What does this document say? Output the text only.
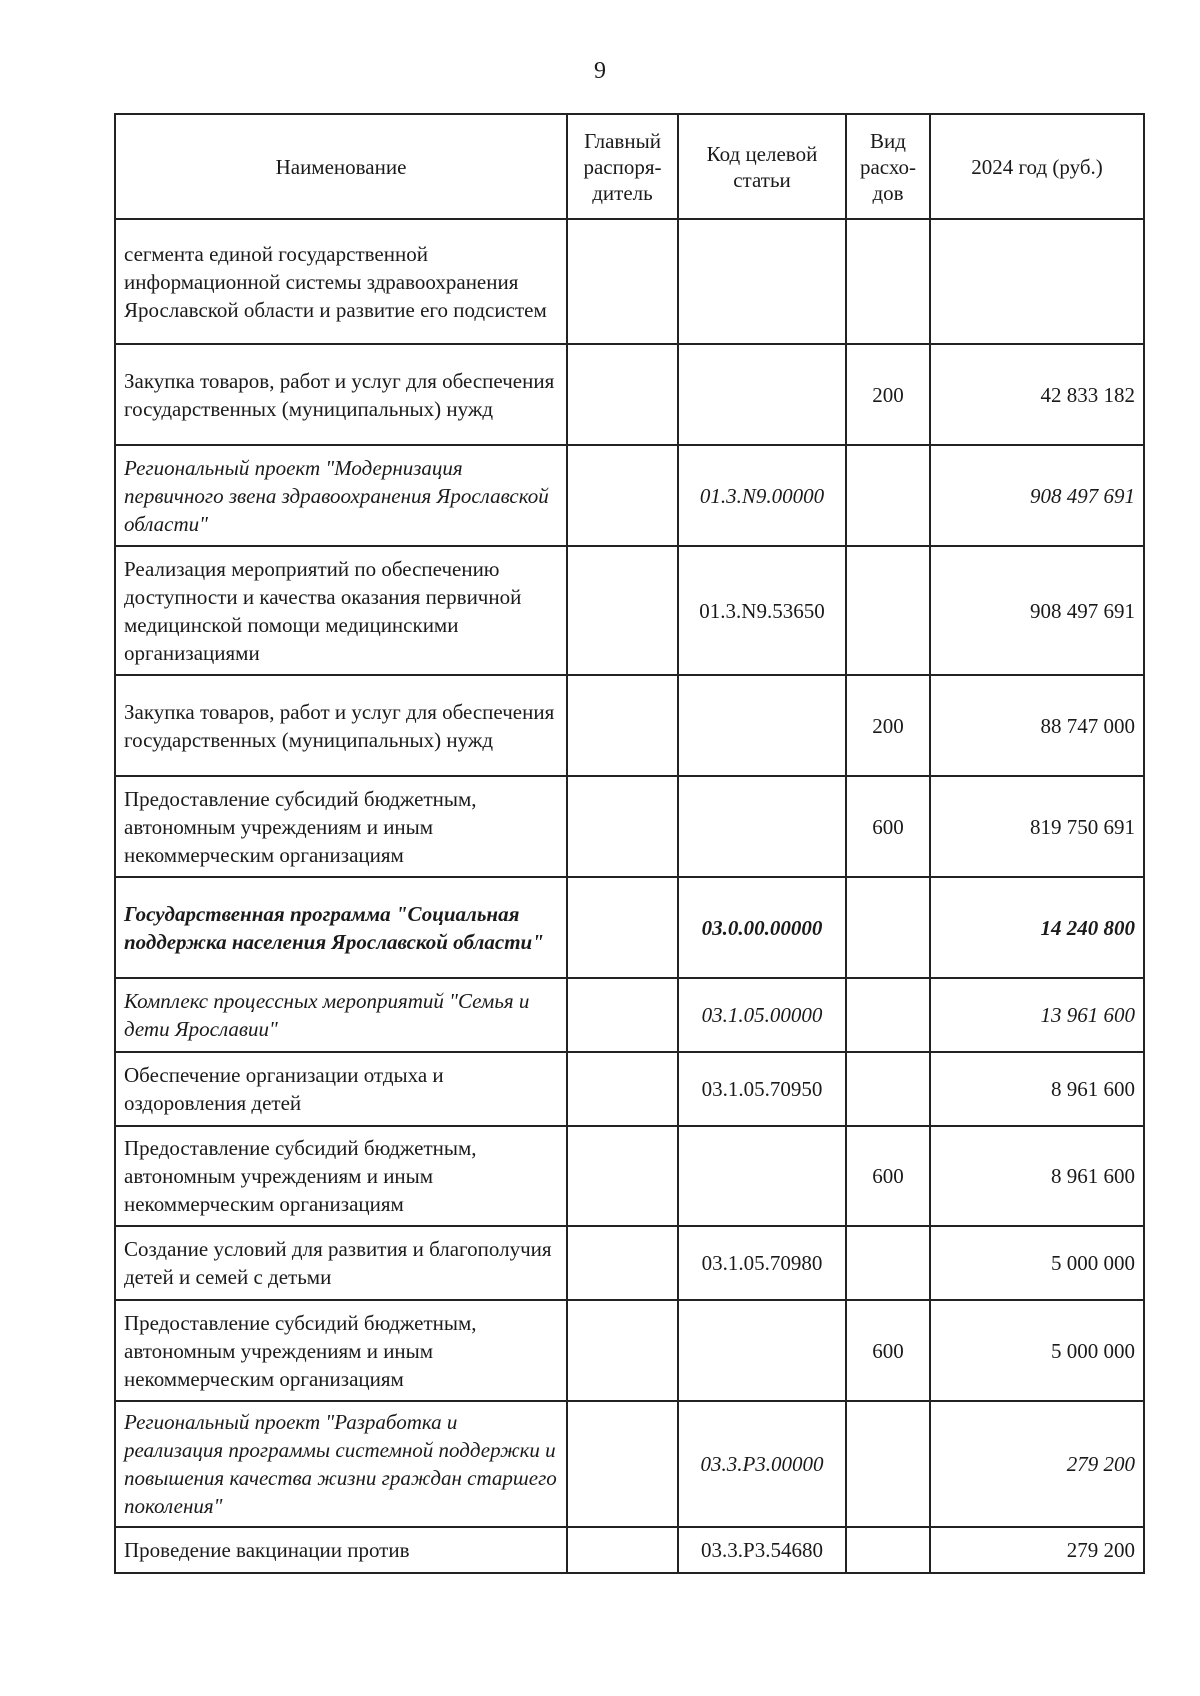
9
Наименование	Главный распоря-дитель	Код целевой статьи	Вид расхо-дов	2024 год (руб.)
сегмента единой государственной информационной системы здравоохранения Ярославской области и развитие его подсистем				
Закупка товаров, работ и услуг для обеспечения государственных (муниципальных) нужд			200	42 833 182
Региональный проект "Модернизация первичного звена здравоохранения Ярославской области"		01.3.N9.00000		908 497 691
Реализация мероприятий по обеспечению доступности и качества оказания первичной медицинской помощи медицинскими организациями		01.3.N9.53650		908 497 691
Закупка товаров, работ и услуг для обеспечения государственных (муниципальных) нужд			200	88 747 000
Предоставление субсидий бюджетным, автономным учреждениям и иным некоммерческим организациям			600	819 750 691
Государственная программа "Социальная поддержка населения Ярославской области"		03.0.00.00000		14 240 800
Комплекс процессных мероприятий "Семья и дети Ярославии"		03.1.05.00000		13 961 600
Обеспечение организации отдыха и оздоровления детей		03.1.05.70950		8 961 600
Предоставление субсидий бюджетным, автономным учреждениям и иным некоммерческим организациям			600	8 961 600
Создание условий для развития и благополучия детей и семей с детьми		03.1.05.70980		5 000 000
Предоставление субсидий бюджетным, автономным учреждениям и иным некоммерческим организациям			600	5 000 000
Региональный проект "Разработка и реализация программы системной поддержки и повышения качества жизни граждан старшего поколения"		03.3.P3.00000		279 200
Проведение вакцинации против		03.3.P3.54680		279 200
